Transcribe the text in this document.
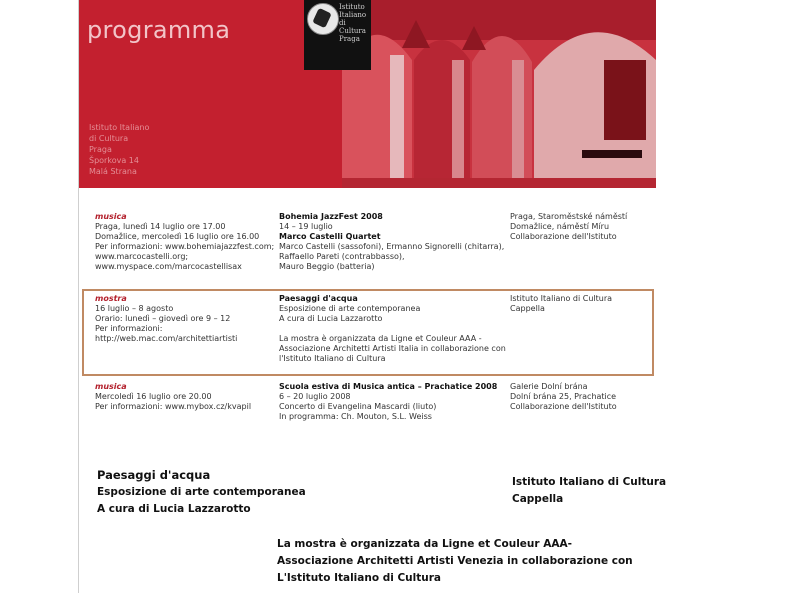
programma
Istituto Italiano
di Cultura
Praga
Šporkova 14
Malá Strana
Istituto
Italiano
di
Cultura
Praga
musica
Praga, lunedì 14 luglio ore 17.00
Domažlice, mercoledì 16 luglio ore 16.00
Per informazioni: www.bohemiajazzfest.com;
www.marcocastelli.org;
www.myspace.com/marcocastellisax
Bohemia JazzFest 2008
14 – 19 luglio
Marco Castelli Quartet
Marco Castelli (sassofoni), Ermanno Signorelli (chitarra),
Raffaello Pareti (contrabbasso),
Mauro Beggio (batteria)
Praga, Staroměstské náměstí
Domažlice, náměstí Míru
Collaborazione dell'Istituto
mostra
16 luglio – 8 agosto
Orario: lunedì – giovedì ore 9 – 12
Per informazioni:
http://web.mac.com/architettiartisti
Paesaggi d'acqua
Esposizione di arte contemporanea
A cura di Lucia Lazzarotto
La mostra è organizzata da Ligne et Couleur AAA -
Associazione Architetti Artisti Italia in collaborazione con
l'Istituto Italiano di Cultura
Istituto Italiano di Cultura
Cappella
musica
Mercoledì 16 luglio ore 20.00
Per informazioni: www.mybox.cz/kvapil
Scuola estiva di Musica antica – Prachatice 2008
6 – 20 luglio 2008
Concerto di Evangelina Mascardi (liuto)
In programma: Ch. Mouton, S.L. Weiss
Galerie Dolní brána
Dolní brána 25, Prachatice
Collaborazione dell'Istituto
Paesaggi d'acqua
Esposizione di arte contemporanea
A cura di Lucia Lazzarotto
Istituto Italiano di Cultura
Cappella
La mostra è organizzata da Ligne et Couleur AAA-
Associazione Architetti Artisti Venezia in collaborazione con
L'Istituto Italiano di Cultura
